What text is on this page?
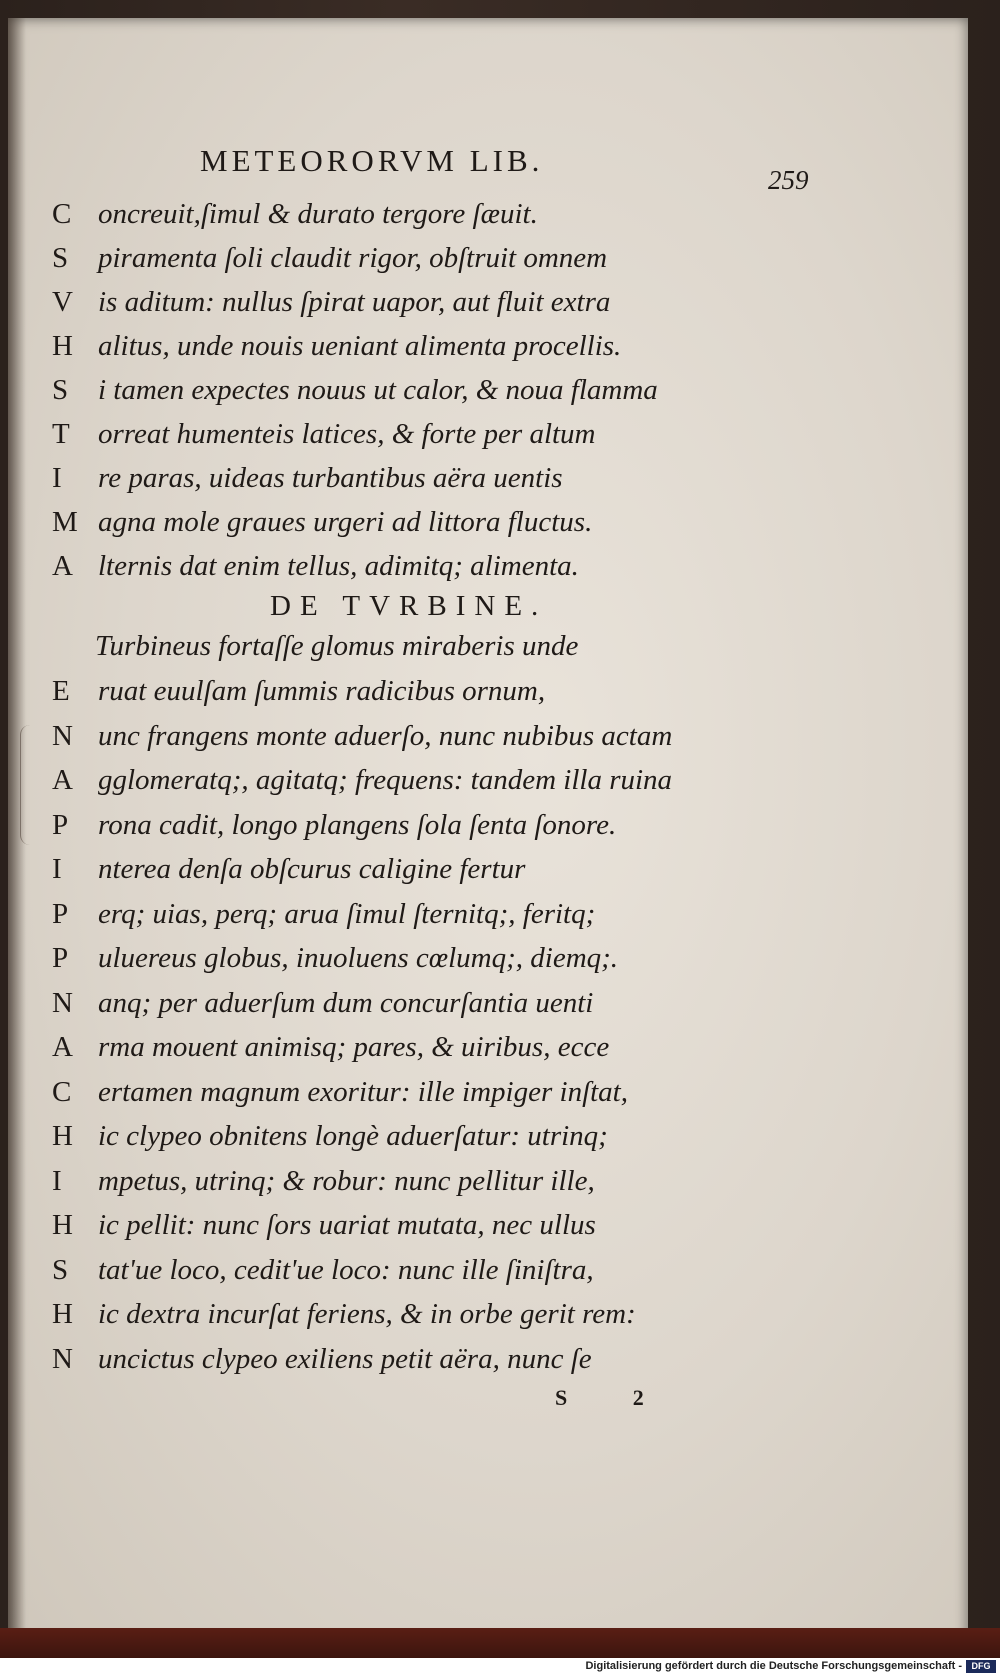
METEORORVM LIB.
259
C oncreuit,ſimul & durato tergore ſæuit.
S piramenta ſoli claudit rigor, obſtruit omnem
V is aditum: nullus ſpirat uapor, aut fluit extra
H alitus, unde nouis ueniant alimenta procellis.
S i tamen expectes nouus ut calor, & noua flamma
T orreat humenteis latices, & forte per altum
I re paras, uideas turbantibus aëra uentis
M agna mole graues urgeri ad littora fluctus.
A lternis dat enim tellus, adimitq; alimenta.
DE TVRBINE.
Turbineus fortaſſe glomus miraberis unde
E ruat euulſam ſummis radicibus ornum,
N unc frangens monte aduerſo, nunc nubibus actam
A gglomeratq;, agitatq; frequens: tandem illa ruina
P rona cadit, longo plangens ſola ſenta ſonore.
I nterea denſa obſcurus caligine fertur
P erq; uias, perq; arua ſimul ſternitq;, feritq;
P uluereus globus, inuoluens cœlumq;, diemq;.
N anq; per aduerſum dum concurſantia uenti
A rma mouent animisq; pares, & uiribus, ecce
C ertamen magnum exoritur: ille impiger inſtat,
H ic clypeo obnitens longè aduerſatur: utrinq;
I mpetus, utrinq; & robur: nunc pellitur ille,
H ic pellit: nunc ſors uariat mutata, nec ullus
S tat'ue loco, cedit'ue loco: nunc ille ſiniſtra,
H ic dextra incurſat feriens, & in orbe gerit rem:
N uncictus clypeo exiliens petit aëra, nunc ſe
S 2
Digitalisierung gefördert durch die Deutsche Forschungsgemeinschaft -	DFG
